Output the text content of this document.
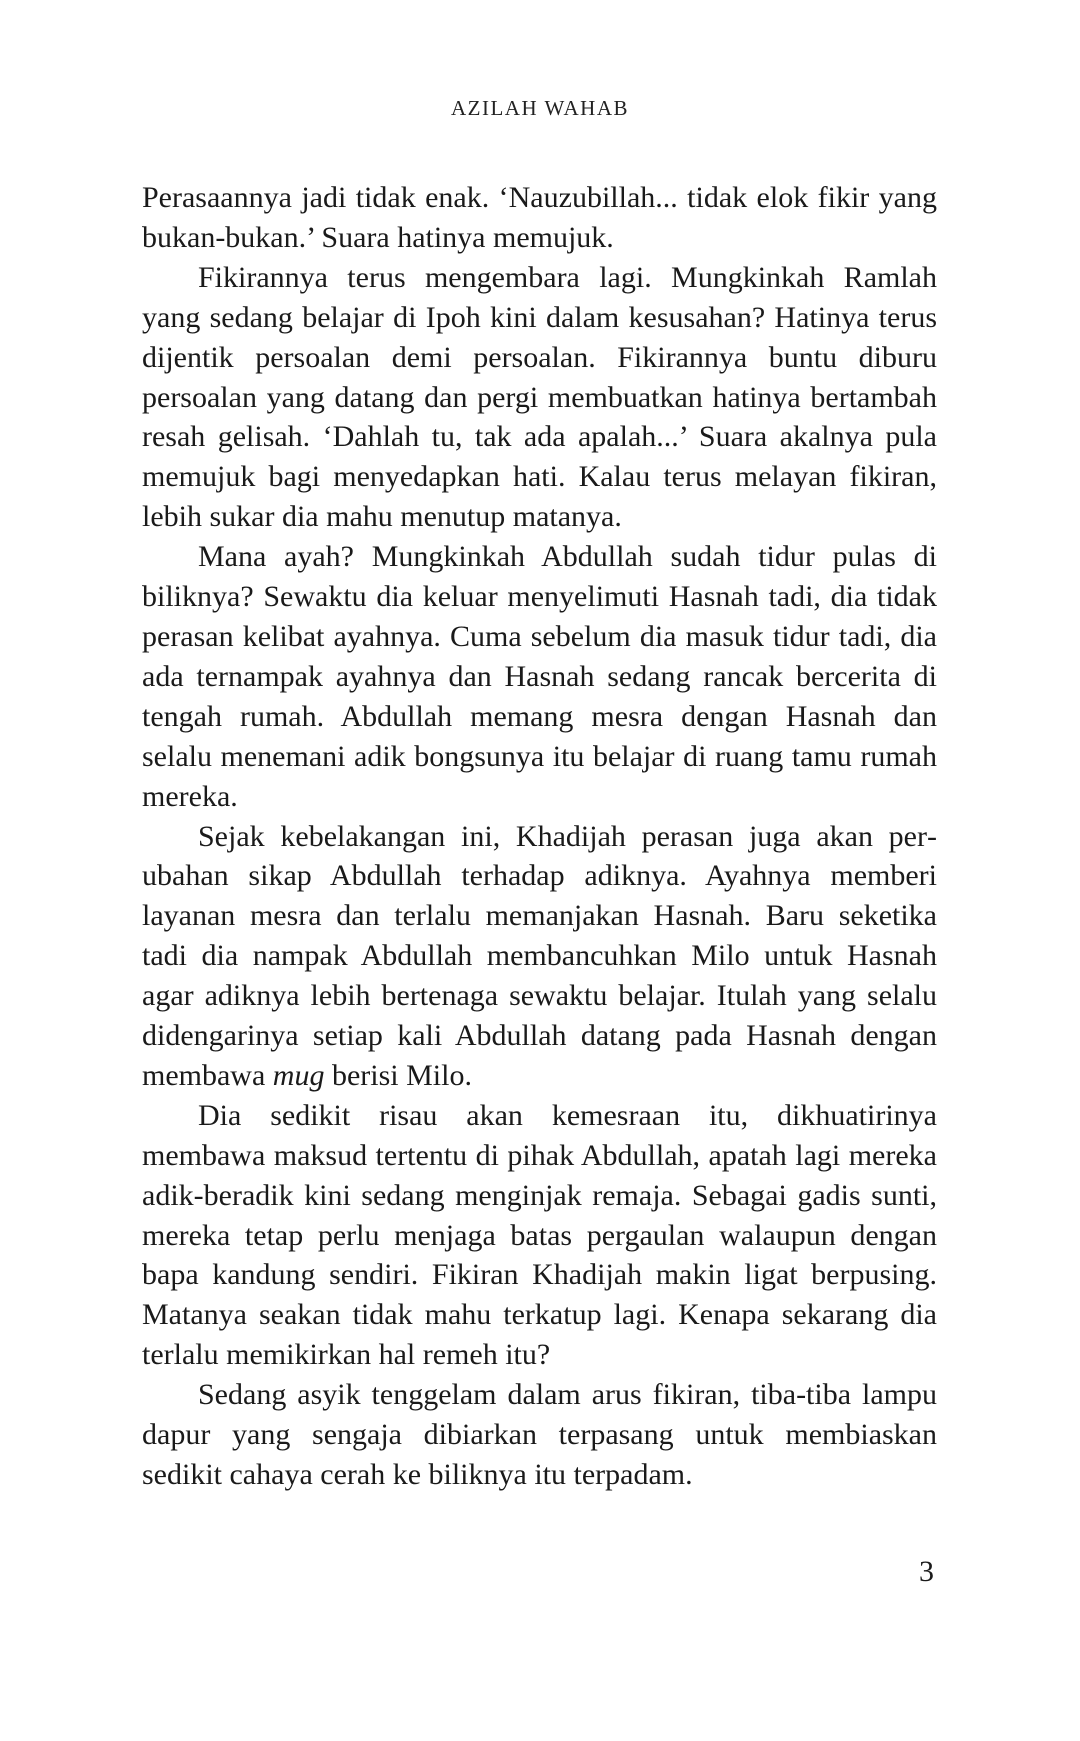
AZILAH WAHAB

Perasaannya jadi tidak enak. ‘Nauzubillah... tidak elok fikir yang bukan-bukan.’ Suara hatinya memujuk.

Fikirannya terus mengembara lagi. Mungkinkah Ramlah yang sedang belajar di Ipoh kini dalam kesusahan? Hatinya terus dijentik persoalan demi persoalan. Fikirannya buntu diburu persoalan yang datang dan pergi membuatkan hatinya bertambah resah gelisah. ‘Dahlah tu, tak ada apalah...’ Suara akalnya pula memujuk bagi menyedapkan hati. Kalau terus melayan fikiran, lebih sukar dia mahu menutup matanya.

Mana ayah? Mungkinkah Abdullah sudah tidur pulas di biliknya? Sewaktu dia keluar menyelimuti Hasnah tadi, dia tidak perasan kelibat ayahnya. Cuma sebelum dia masuk tidur tadi, dia ada ternampak ayahnya dan Hasnah sedang rancak bercerita di tengah rumah. Abdullah memang mesra dengan Hasnah dan selalu menemani adik bongsunya itu belajar di ruang tamu rumah mereka.

Sejak kebelakangan ini, Khadijah perasan juga akan perubahan sikap Abdullah terhadap adiknya. Ayahnya memberi layanan mesra dan terlalu memanjakan Hasnah. Baru seketika tadi dia nampak Abdullah membancuhkan Milo untuk Hasnah agar adiknya lebih bertenaga sewaktu belajar. Itulah yang selalu didengarinya setiap kali Abdullah datang pada Hasnah dengan membawa mug berisi Milo.

Dia sedikit risau akan kemesraan itu, dikhuatirinya membawa maksud tertentu di pihak Abdullah, apatah lagi mereka adik-beradik kini sedang menginjak remaja. Sebagai gadis sunti, mereka tetap perlu menjaga batas pergaulan walaupun dengan bapa kandung sendiri. Fikiran Khadijah makin ligat berpusing. Matanya seakan tidak mahu terkatup lagi. Kenapa sekarang dia terlalu memikirkan hal remeh itu?

Sedang asyik tenggelam dalam arus fikiran, tiba-tiba lampu dapur yang sengaja dibiarkan terpasang untuk membiaskan sedikit cahaya cerah ke biliknya itu terpadam.

3
